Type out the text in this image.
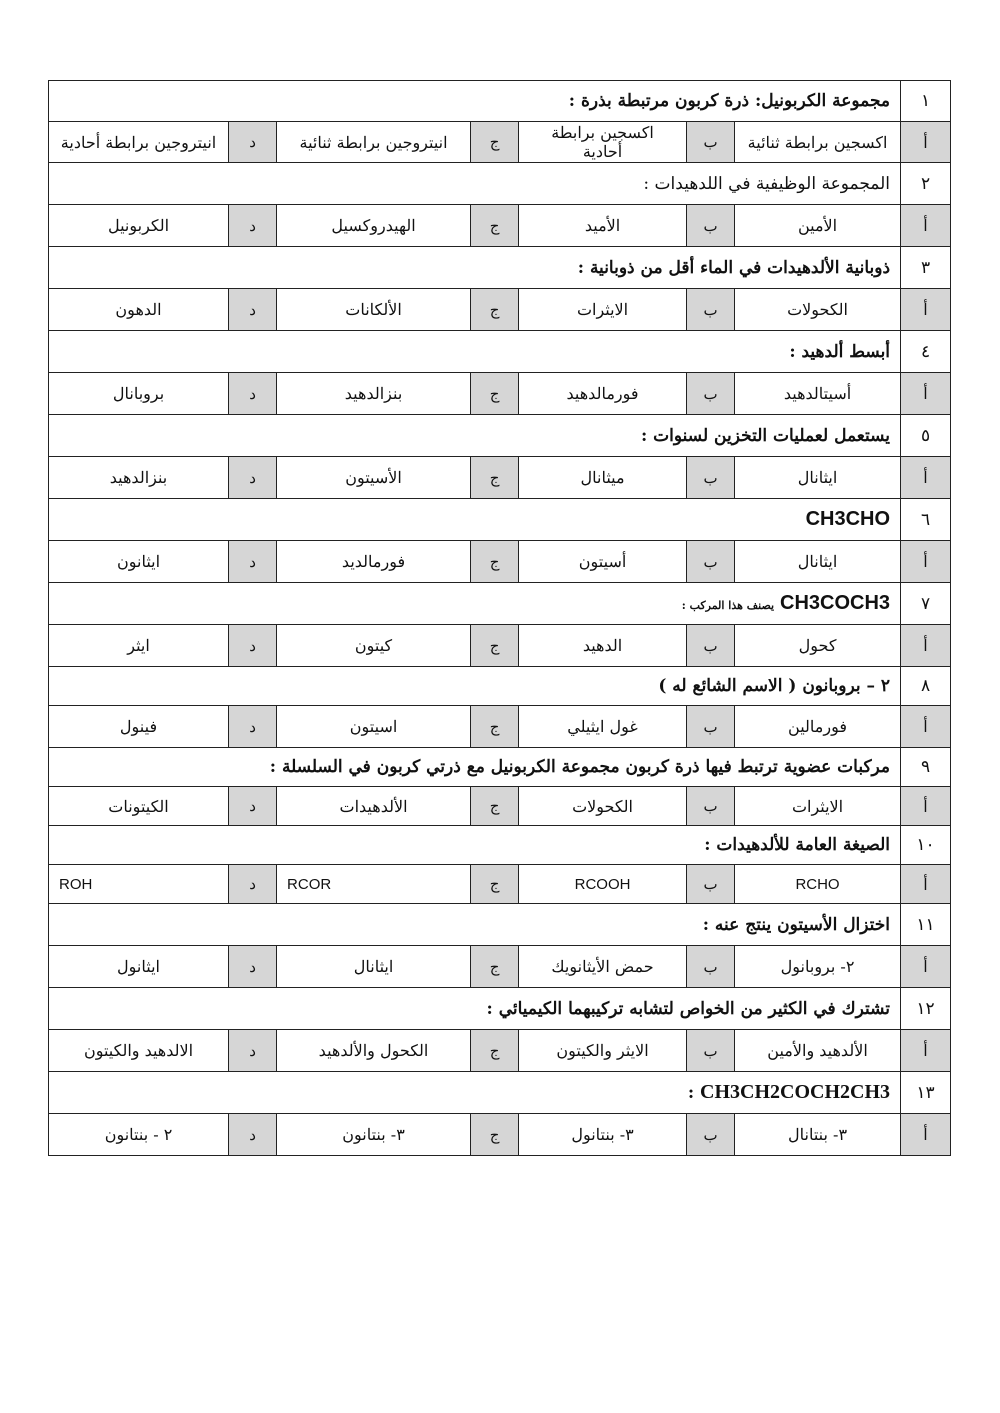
١	مجموعة الكربونيل: ذرة كربون مرتبطة بذرة :						
أ	اكسجين برابطة ثنائية	ب	اكسجين برابطة أحادية	ج	انيتروجين برابطة ثنائية	د	انيتروجين برابطة أحادية
٢	المجموعة الوظيفية في اللدهيدات :						
أ	الأمين	ب	الأميد	ج	الهيدروكسيل	د	الكربونيل
٣	ذوبانية الألدهيدات في الماء أقل من ذوبانية :						
أ	الكحولات	ب	الايثرات	ج	الألكانات	د	الدهون
٤	أبسط ألدهيد :						
أ	أسيتالدهيد	ب	فورمالدهيد	ج	بنزالدهيد	د	بروبانال
٥	يستعمل لعمليات التخزين لسنوات :						
أ	ايثانال	ب	ميثانال	ج	الأسيتون	د	بنزالدهيد
٦	CH3CHO						
أ	ايثانال	ب	أسيتون	ج	فورمالديد	د	ايثانون
٧	CH3COCH3 يصنف هذا المركب :						
أ	كحول	ب	الدهيد	ج	كيتون	د	ايثر
٨	٢ – بروبانون ( الاسم الشائع له )						
أ	فورمالين	ب	غول ايثيلي	ج	اسيتون	د	فينول
٩	مركبات عضوية ترتبط فيها ذرة كربون مجموعة الكربونيل مع ذرتي كربون في السلسلة :						
أ	الايثرات	ب	الكحولات	ج	الألدهيدات	د	الكيتونات
١٠	الصيغة العامة للألدهيدات :						
أ	RCHO	ب	RCOOH	ج	RCOR	د	ROH
١١	اختزال الأسيتون ينتج عنه :						
أ	٢- بروبانول	ب	حمض الأيثانويك	ج	ايثانال	د	ايثانول
١٢	تشترك في الكثير من الخواص لتشابه تركيبهما الكيميائي :						
أ	الألدهيد والأمين	ب	الايثر والكيتون	ج	الكحول والألدهيد	د	الالدهيد والكيتون
١٣	CH3CH2COCH2CH3 :						
أ	٣- بنتانال	ب	٣- بنتانول	ج	٣- بنتانون	د	٢ - بنتانون
